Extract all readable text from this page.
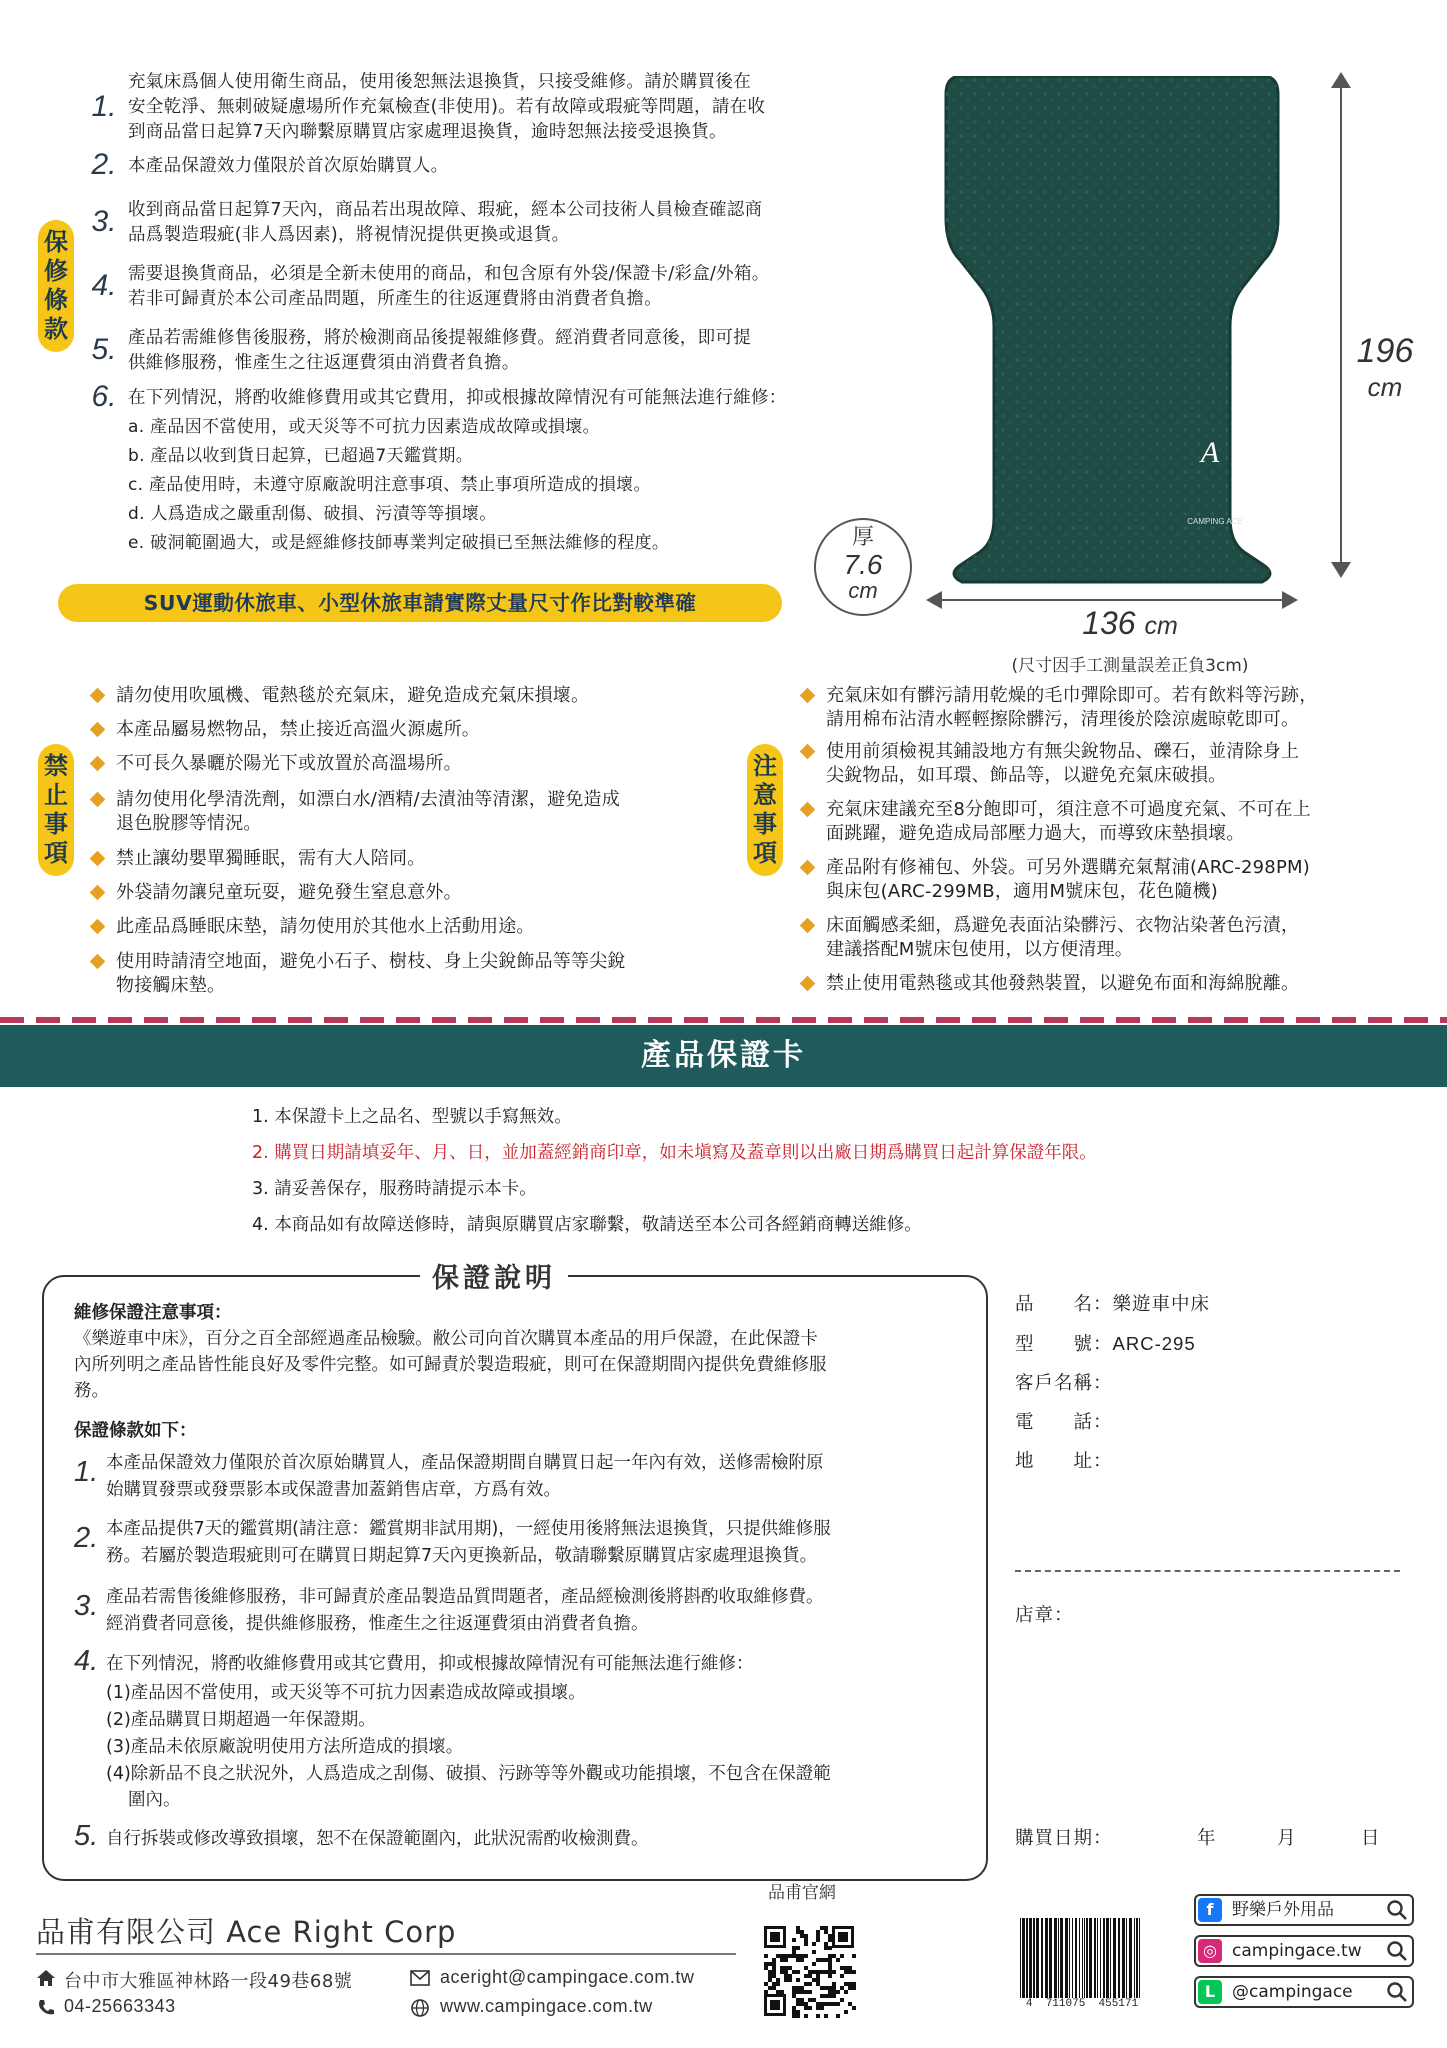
保
修
條
款
1.
充氣床爲個人使用衛生商品，使用後恕無法退換貨，只接受維修。請於購買後在
安全乾淨、無刺破疑慮場所作充氣檢查(非使用)。若有故障或瑕疵等問題，請在收
到商品當日起算7天內聯繫原購買店家處理退換貨，逾時恕無法接受退換貨。
2. 本產品保證效力僅限於首次原始購買人。
3. 收到商品當日起算7天內，商品若出現故障、瑕疵，經本公司技術人員檢查確認商
品爲製造瑕疵(非人爲因素)，將視情況提供更換或退貨。
4. 需要退換貨商品，必須是全新未使用的商品，和包含原有外袋/保證卡/彩盒/外箱。
若非可歸責於本公司產品問題，所產生的往返運費將由消費者負擔。
5. 產品若需維修售後服務，將於檢測商品後提報維修費。經消費者同意後，即可提
供維修服務，惟產生之往返運費須由消費者負擔。
6. 在下列情況，將酌收維修費用或其它費用，抑或根據故障情況有可能無法進行維修：
a. 產品因不當使用，或天災等不可抗力因素造成故障或損壞。
b. 產品以收到貨日起算，已超過7天鑑賞期。
c. 產品使用時，未遵守原廠說明注意事項、禁止事項所造成的損壞。
d. 人爲造成之嚴重刮傷、破損、污漬等等損壞。
e. 破洞範圍過大，或是經維修技師專業判定破損已至無法維修的程度。
A
CAMPING ACE
196
cm
136 cm
(尺寸因手工測量誤差正負3cm)
厚
7.6
cm
SUV運動休旅車、小型休旅車請實際丈量尺寸作比對較準確
禁
止
事
項
請勿使用吹風機、電熱毯於充氣床，避免造成充氣床損壞。
本產品屬易燃物品，禁止接近高溫火源處所。
不可長久暴曬於陽光下或放置於高溫場所。
請勿使用化學清洗劑，如漂白水/酒精/去漬油等清潔，避免造成
退色脫膠等情況。
禁止讓幼嬰單獨睡眠，需有大人陪同。
外袋請勿讓兒童玩耍，避免發生窒息意外。
此產品爲睡眠床墊，請勿使用於其他水上活動用途。
使用時請清空地面，避免小石子、樹枝、身上尖銳飾品等等尖銳
物接觸床墊。
注
意
事
項
充氣床如有髒污請用乾燥的毛巾彈除即可。若有飲料等污跡，
請用棉布沾清水輕輕擦除髒污，清理後於陰涼處晾乾即可。
使用前須檢視其鋪設地方有無尖銳物品、礫石，並清除身上
尖銳物品，如耳環、飾品等，以避免充氣床破損。
充氣床建議充至8分飽即可，須注意不可過度充氣、不可在上
面跳躍，避免造成局部壓力過大，而導致床墊損壞。
產品附有修補包、外袋。可另外選購充氣幫浦(ARC-298PM)
與床包(ARC-299MB，適用M號床包，花色隨機)
床面觸感柔細，爲避免表面沾染髒污、衣物沾染著色污漬，
建議搭配M號床包使用，以方便清理。
禁止使用電熱毯或其他發熱裝置，以避免布面和海綿脫離。
產品保證卡
1. 本保證卡上之品名、型號以手寫無效。
2. 購買日期請填妥年、月、日，並加蓋經銷商印章，如未塡寫及蓋章則以出廠日期爲購買日起計算保證年限。
3. 請妥善保存，服務時請提示本卡。
4. 本商品如有故障送修時，請與原購買店家聯繫，敬請送至本公司各經銷商轉送維修。
保證說明
維修保證注意事項：
《樂遊車中床》，百分之百全部經過產品檢驗。敝公司向首次購買本產品的用戶保證，在此保證卡
內所列明之產品皆性能良好及零件完整。如可歸責於製造瑕疵，則可在保證期間內提供免費維修服
務。
保證條款如下：
1. 本產品保證效力僅限於首次原始購買人，產品保證期間自購買日起一年內有效，送修需檢附原
始購買發票或發票影本或保證書加蓋銷售店章，方爲有效。
2. 本產品提供7天的鑑賞期(請注意：鑑賞期非試用期)，一經使用後將無法退換貨，只提供維修服
務。若屬於製造瑕疵則可在購買日期起算7天內更換新品，敬請聯繫原購買店家處理退換貨。
3. 產品若需售後維修服務，非可歸責於產品製造品質問題者，產品經檢測後將斟酌收取維修費。
經消費者同意後，提供維修服務，惟產生之往返運費須由消費者負擔。
4. 在下列情況，將酌收維修費用或其它費用，抑或根據故障情況有可能無法進行維修：
5. 自行拆裝或修改導致損壞，恕不在保證範圍內，此狀況需酌收檢測費。
(1)產品因不當使用，或天災等不可抗力因素造成故障或損壞。
(2)產品購買日期超過一年保證期。
(3)產品未依原廠說明使用方法所造成的損壞。
(4)除新品不良之狀況外，人爲造成之刮傷、破損、污跡等等外觀或功能損壞，不包含在保證範
圍內。
品　　名：樂遊車中床
型　　號：ARC-295
客戶名稱：
電　　話：
地　　址：
店章：
購買日期：	年	月	日
品甫有限公司 Ace Right Corp
台中市大雅區神林路一段49巷68號
04-25663343
aceright@campingace.com.tw
www.campingace.com.tw
品甫官網
4  711075  455171
f	野樂戶外用品
◎ campingace.tw
L @campingace
